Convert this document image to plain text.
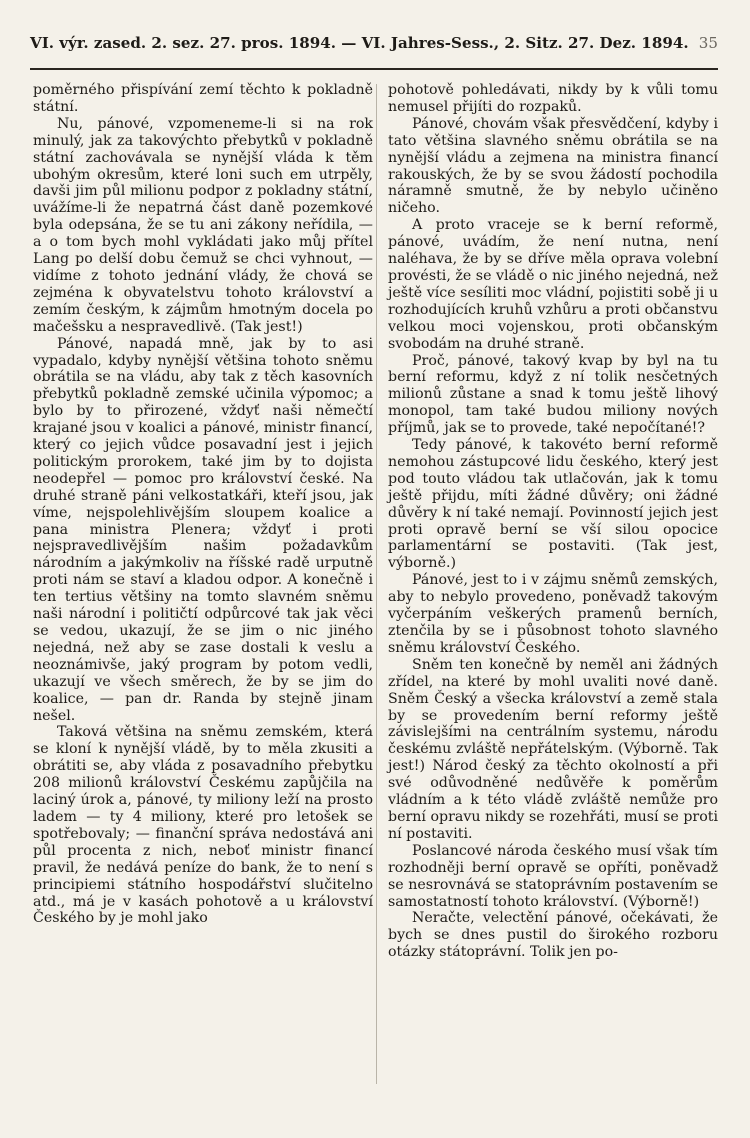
VI. výr. zased. 2. sez. 27. pros. 1894. — VI. Jahres-Sess., 2. Sitz. 27. Dez. 1894. 35

poměrného přispívání zemí těchto k pokladně státní.

Nu, pánové, vzpomeneme-li si na rok minulý, jak za takovýchto přebytků v pokladně státní zachovávala se nynější vláda k těm ubohým okresům, které loni such em utrpěly, davši jim půl milionu podpor z pokladny státní, uvážíme-li že nepatrná část daně pozemkové byla odepsána, že se tu ani zákony neřídila, — a o tom bych mohl vykládati jako můj přítel Lang po delší dobu čemuž se chci vyhnout, — vidíme z tohoto jednání vlády, že chová se zejména k obyvatelstvu tohoto království a zemím českým, k zájmům hmotným docela po mačešsku a nespravedlivě. (Tak jest!)

Pánové, napadá mně, jak by to asi vypadalo, kdyby nynější většina tohoto sněmu obrátila se na vládu, aby tak z těch kasovních přebytků pokladně zemské učinila výpomoc; a bylo by to přirozené, vždyť naši němečtí krajané jsou v koalici a pánové, ministr financí, který co jejich vůdce posavadní jest i jejich politickým prorokem, také jim by to dojista neodepřel — pomoc pro království české. Na druhé straně páni velkostatkáři, kteří jsou, jak víme, nejspolehlivějším sloupem koalice a pana ministra Plenera; vždyť i proti nejspravedlivějším našim požadavkům národním a jakýmkoliv na říšské radě urputně proti nám se staví a kladou odpor. A konečně i ten tertius většiny na tomto slavném sněmu naši národní i političtí odpůrcové tak jak věci se vedou, ukazují, že se jim o nic jiného nejedná, než aby se zase dostali k veslu a neoznámivše, jaký program by potom vedli, ukazují ve všech směrech, že by se jim do koalice, — pan dr. Randa by stejně jinam nešel.

Taková většina na sněmu zemském, která se kloní k nynější vládě, by to měla zkusiti a obrátiti se, aby vláda z posavadního přebytku 208 milionů království Českému zapůjčila na laciný úrok a, pánové, ty miliony leží na prosto ladem — ty 4 miliony, které pro letošek se spotřebovaly; — finanční správa nedostává ani půl procenta z nich, neboť ministr financí pravil, že nedává peníze do bank, že to není s principiemi státního hospodářství slučitelno atd., má je v kasách pohotově a u království Českého by je mohl jako

pohotově pohledávati, nikdy by k vůli tomu nemusel přijíti do rozpaků.

Pánové, chovám však přesvědčení, kdyby i tato většina slavného sněmu obrátila se na nynější vládu a zejmena na ministra financí rakouských, že by se svou žádostí pochodila náramně smutně, že by nebylo učiněno ničeho.

A proto vraceje se k berní reformě, pánové, uvádím, že není nutna, není naléhava, že by se dříve měla oprava volební provésti, že se vládě o nic jiného nejedná, než ještě více sesíliti moc vládní, pojistiti sobě ji u rozhodujících kruhů vzhůru a proti občanstvu velkou moci vojenskou, proti občanským svobodám na druhé straně.

Proč, pánové, takový kvap by byl na tu berní reformu, když z ní tolik nesčetných milionů zůstane a snad k tomu ještě lihový monopol, tam také budou miliony nových příjmů, jak se to provede, také nepočítané!?

Tedy pánové, k takovéto berní reformě nemohou zástupcové lidu českého, který jest pod touto vládou tak utlačován, jak k tomu ještě přijdu, míti žádné důvěry; oni žádné důvěry k ní také nemají. Povinností jejich jest proti opravě berní se vší silou opocice parlamentární se postaviti. (Tak jest, výborně.)

Pánové, jest to i v zájmu sněmů zemských, aby to nebylo provedeno, poněvadž takovým vyčerpáním veškerých pramenů berních, ztenčila by se i působnost tohoto slavného sněmu království Českého.

Sněm ten konečně by neměl ani žádných zřídel, na které by mohl uvaliti nové daně. Sněm Český a všecka království a země stala by se provedením berní reformy ještě závislejšími na centrálním systemu, národu českému zvláště nepřátelským. (Výborně. Tak jest!) Národ český za těchto okolností a při své odůvodněné nedůvěře k poměrům vládním a k této vládě zvláště nemůže pro berní opravu nikdy se rozehřáti, musí se proti ní postaviti.

Poslancové národa českého musí však tím rozhodněji berní opravě se opříti, poněvadž se nesrovnává se statoprávním postavením se samostatností tohoto království. (Výborně!)

Neračte, velectění pánové, očekávati, že bych se dnes pustil do širokého rozboru otázky státoprávní. Tolik jen po-
